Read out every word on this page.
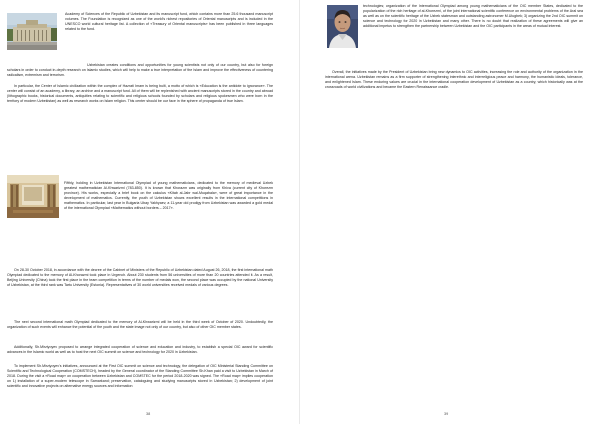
Academy of Sciences of the Republic of Uzbekistan and its manuscript fund, which contains more than 25.6 thousand manuscript volumes. The Foundation is recognized as one of the world's richest repositories of Oriental manuscripts and is included in the UNESCO world cultural heritage list. A collection of «Treasury of Oriental manuscripts» has been published in three languages related to the fund.

Uzbekistan creates conditions and opportunities for young scientists not only of our country, but also for foreign scholars in order to conduct in-depth research on Islamic studies, which will help to make a true interpretation of the Islam and improve the effectiveness of countering radicalism, extremism and terrorism.

In particular, the Center of Islamic civilization within the complex of Hazrati Imam is being built, a motto of which is «Education is the antidote to ignorance». The center will consist of an academy, a library, an archive and a manuscript fund. All of them will be replenished with ancient manuscripts stored in the country and abroad (lithographic books, historical documents, antiquities relating to scientific and religious schools founded by scholars and religious spokesmen who were born in the territory of modern Uzbekistan) as well as research works on Islam religion. This center should be our face in the sphere of propaganda of true Islam.

Fifthly, holding in Uzbekistan International Olympiad of young mathematicians, dedicated to the memory of medieval Uzbek greatest mathematician Al-Khwarizmi (783-850). It is known that Khorazm was originally from Khiva (current city of Khorezm province). His works, especially a brief book on the calculus «Kitab al-Jabr wal-Muqabala», were of great importance in the development of mathematics. Currently, the youth of Uzbekistan shows excellent results in the international competitions in mathematics. In particular, last year in Bulgaria Ubay Yakhyaev, a 11-year old prodigy from Uzbekistan was awarded a gold medal of the international Olympiad «Mathematics without borders – 2017».

On 28-30 October 2018, in accordance with the decree of the Cabinet of Ministers of the Republic of Uzbekistan dated August 26, 2018, the first international math Olympiad dedicated to the memory of Al-Khorazmi took place in Urgench. About 230 students from 56 universities of more than 20 countries attended it. As a result, Beijing University (China) took the first place in the team competition in terms of the number of medals won, the second place was occupied by the national University of Uzbekistan, at the third rank was Tartu University (Estonia). Representatives of 30 world universities received medals of various degrees.

The next second international math Olympiad dedicated to the memory of Al-Khwarizmi will be held in the third week of October of 2020. Undoubtedly, the organization of such events will enhance the potential of the youth and the state image not only of our country, but also of other OIC member states.

Additionally, Sh.Mirziyoyev proposed to arrange integrated cooperation of science and education and industry, to establish a special OIC award for scientific advances in the Islamic world as well as to host the next OIC summit on science and technology for 2020 in Uzbekistan.

To implement Sh.Mirziyoyev's initiatives, announced at the First OIC summit on science and technology, the delegation of OIC Ministerial Standing Committee on Scientific and Technological Cooperation (COMSTECH), headed by the General coordinator of the Standing Committee Sh.Khan paid a visit to Uzbekistan in March of 2018. During the visit a «Road map» on cooperation between Uzbekistan and COMSTEC for the period 2018-2020 was signed. The «Road map» implies cooperation on 1) installation of a super-modern telescope in Samarkand; preservation, cataloguing and studying manuscripts stored in Uzbekistan; 2) development of joint scientific and innovative projects on alternative energy sources and information

38

technologies; organization of the International Olympiad among young mathematicians of the OIC member States, dedicated to the popularization of the rich heritage of al-Khorezmi, of the joint international scientific conference on environmental problems of the Aral sea as well as on the scientific heritage of the Uzbek statesman and outstanding astronomer M.Ulugbek; 3) organizing the 2nd OIC summit on science and technology for 2020 in Uzbekistan and many other. There is no doubt that realization of these agreements will give an additional impetus to strengthen the partnership between Uzbekistan and the OIC participants in the areas of mutual interest.

Overall, the initiatives made by the President of Uzbekistan bring new dynamics to OIC activities, increasing the role and authority of the organization in the international arena. Uzbekistan remains as a firm supporter of strengthening interethnic and interreligious peace and harmony, the humanistic ideals, tolerance, and enlightened Islam. These enduring values are crucial in the international cooperation development of Uzbekistan as a country, which historically was at the crossroads of world civilizations and became the Eastern Renaissance cradle.

39
